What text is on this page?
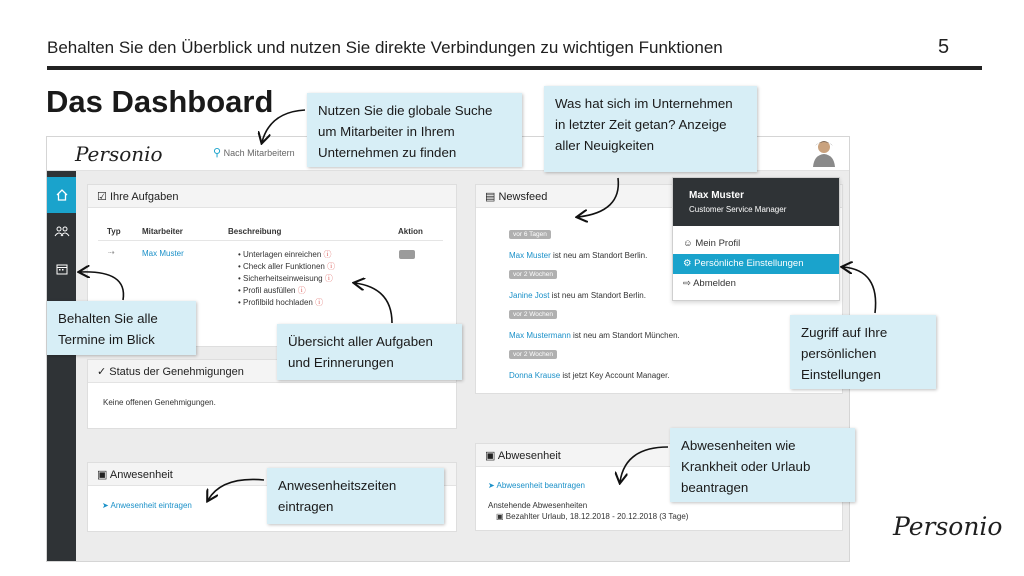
Behalten Sie den Überblick und nutzen Sie direkte Verbindungen zu wichtigen Funktionen	5
Das Dashboard
Personio	⚲ Nach Mitarbeitern
☑ Ihre Aufgaben
Typ	Mitarbeiter	Beschreibung	Aktion
⇢	Max Muster	• Unterlagen einreichen ⓘ
• Check aller Funktionen ⓘ
• Sicherheitseinweisung ⓘ
• Profil ausfüllen ⓘ
• Profilbild hochladen ⓘ
✓ Status der Genehmigungen
Keine offenen Genehmigungen.
▣ Anwesenheit
➤ Anwesenheit eintragen
▤ Newsfeed
vor 6 Tagen
Max Muster ist neu am Standort Berlin.
vor 2 Wochen
Janine Jost ist neu am Standort Berlin.
vor 2 Wochen
Max Mustermann ist neu am Standort München.
vor 2 Wochen
Donna Krause ist jetzt Key Account Manager.
▣ Abwesenheit
➤ Abwesenheit beantragen
Anstehende Abwesenheiten
▣ Bezahlter Urlaub, 18.12.2018 - 20.12.2018 (3 Tage)
Max Muster
Customer Service Manager
☺ Mein Profil
⚙ Persönliche Einstellungen
⇨ Abmelden
Nutzen Sie die globale Suche um Mitarbeiter in Ihrem Unternehmen zu finden
Was hat sich im Unternehmen in letzter Zeit getan? Anzeige aller Neuigkeiten
Behalten Sie alle Termine im Blick	Übersicht aller Aufgaben und Erinnerungen
Zugriff auf Ihre persönlichen Einstellungen
Abwesenheiten wie Krankheit oder Urlaub beantragen
Anwesenheitszeiten eintragen
Personio
